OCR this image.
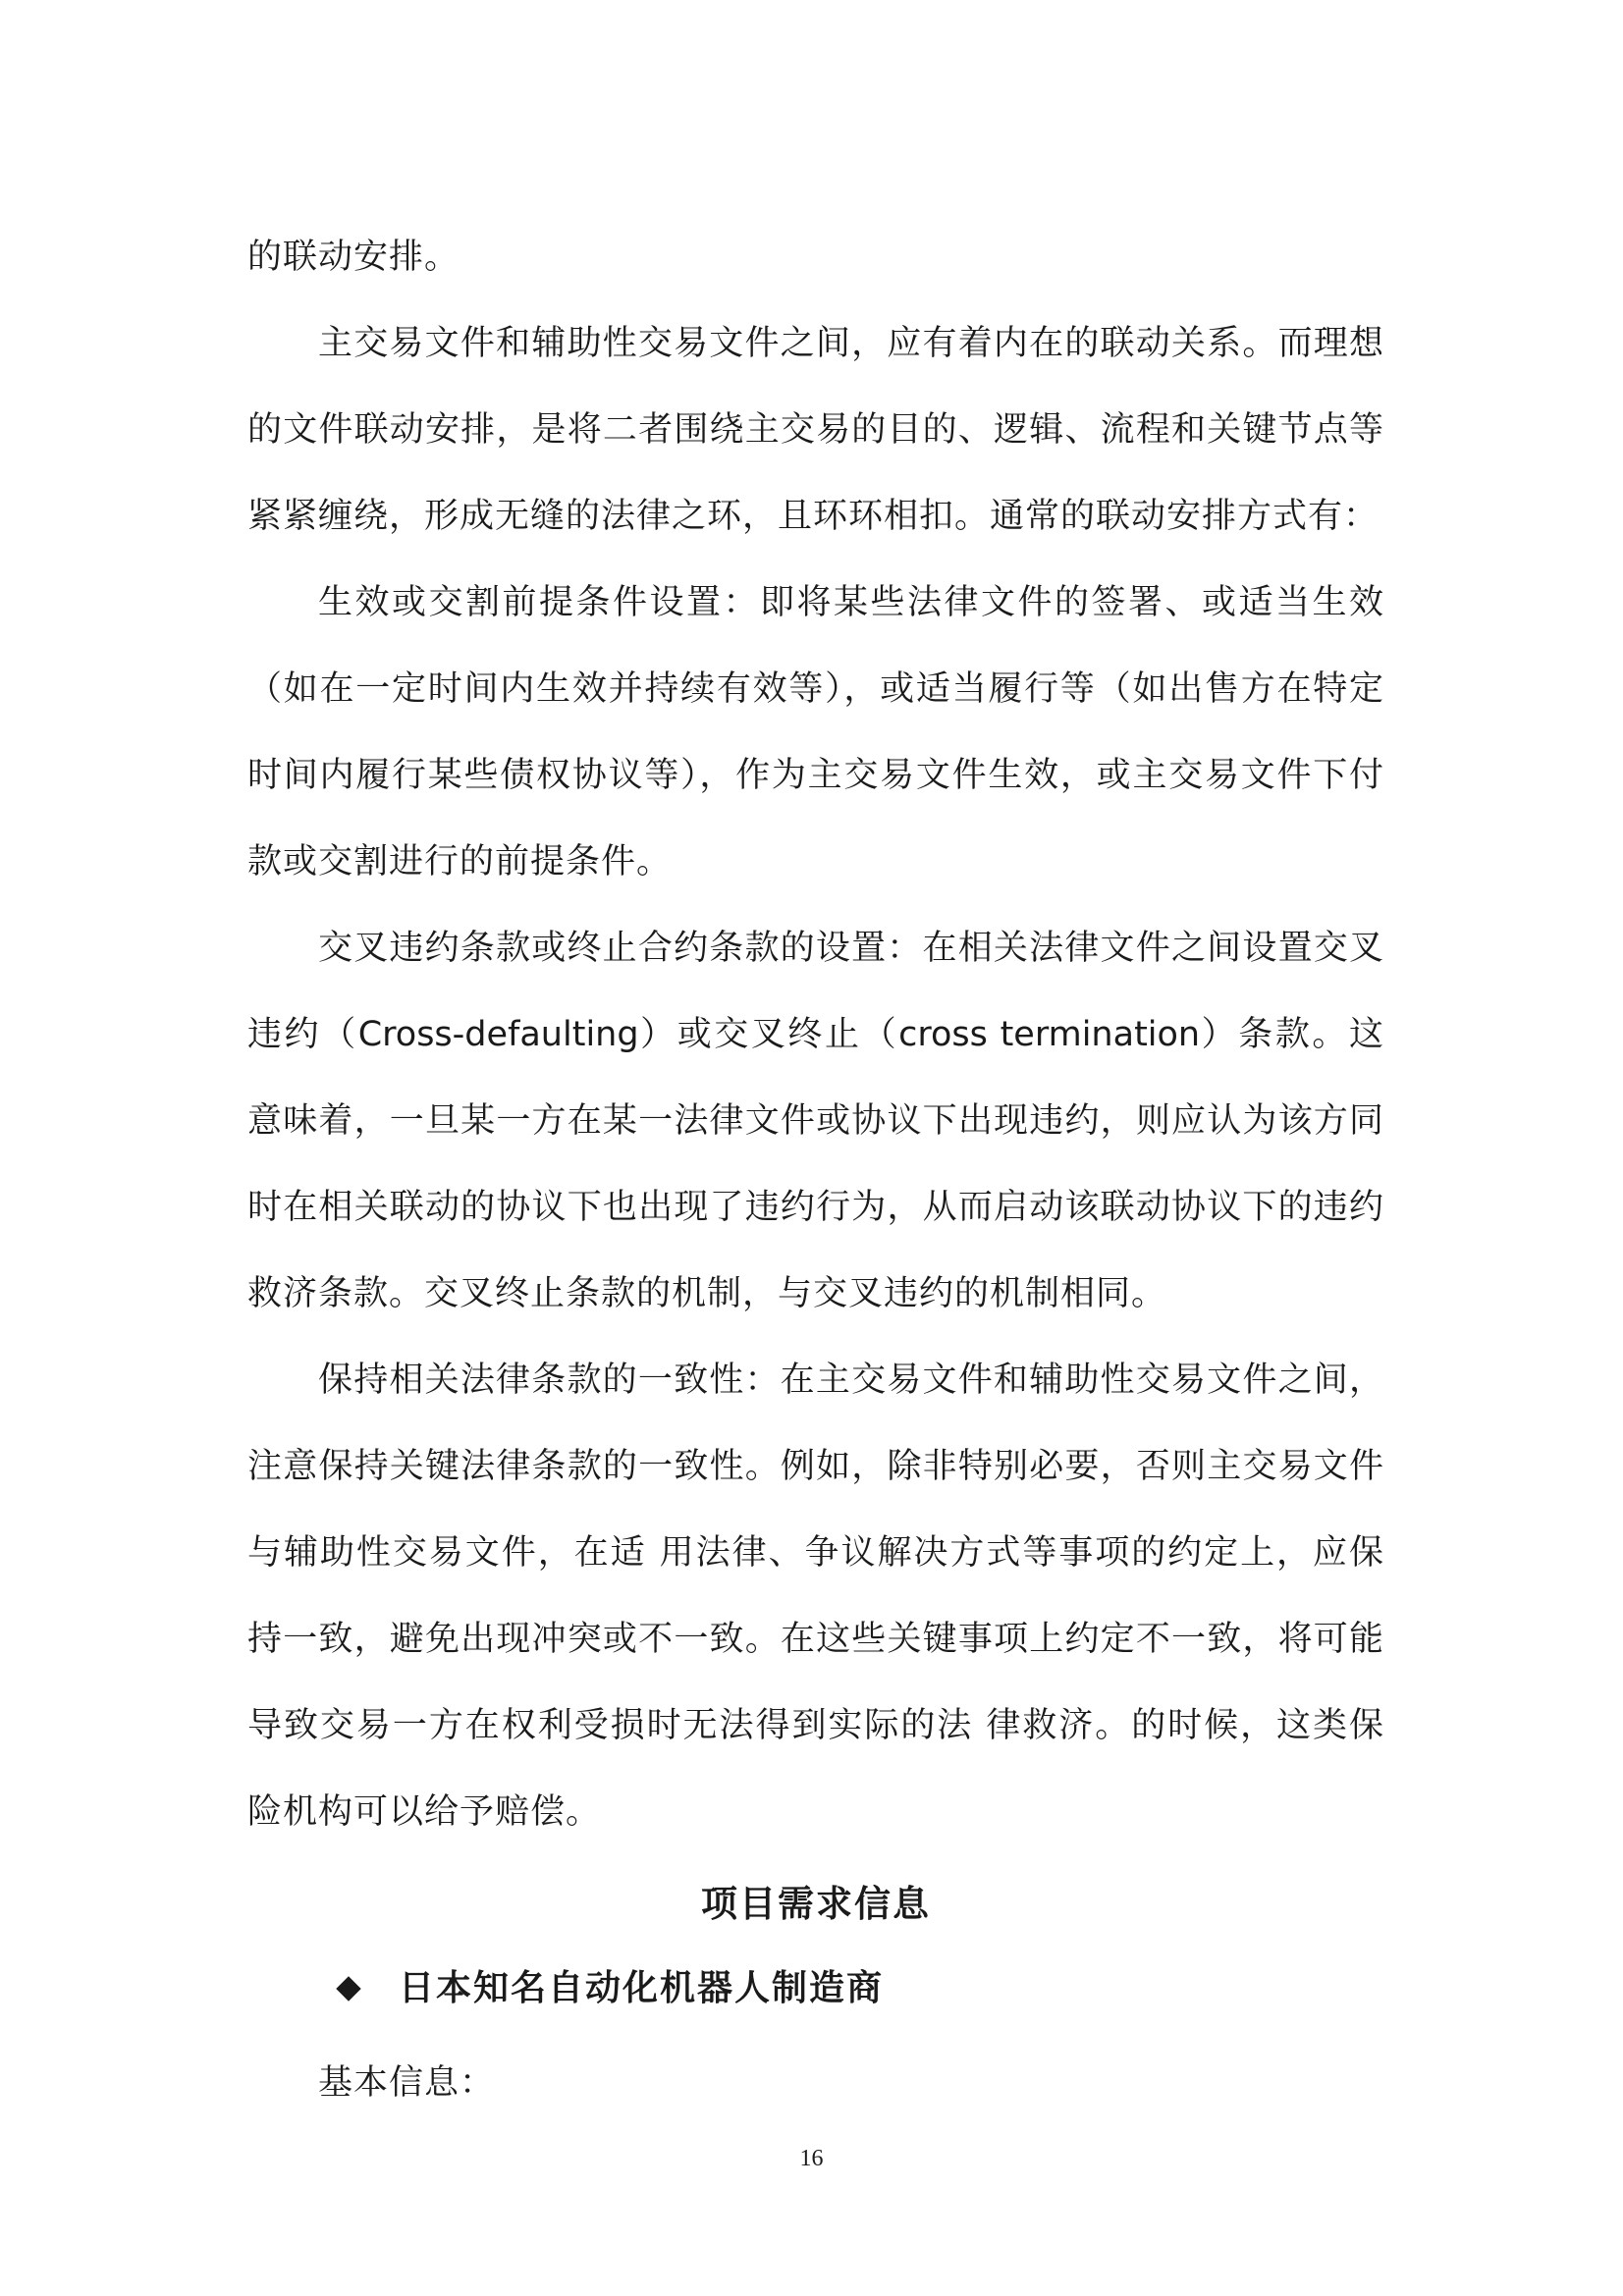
的联动安排。

主交易文件和辅助性交易文件之间，应有着内在的联动关系。而理想的文件联动安排，是将二者围绕主交易的目的、逻辑、流程和关键节点等紧紧缠绕，形成无缝的法律之环，且环环相扣。通常的联动安排方式有：

生效或交割前提条件设置：即将某些法律文件的签署、或适当生效（如在一定时间内生效并持续有效等），或适当履行等（如出售方在特定时间内履行某些债权协议等），作为主交易文件生效，或主交易文件下付款或交割进行的前提条件。

交叉违约条款或终止合约条款的设置：在相关法律文件之间设置交叉违约（Cross-defaulting）或交叉终止（cross termination）条款。这意味着，一旦某一方在某一法律文件或协议下出现违约，则应认为该方同时在相关联动的协议下也出现了违约行为，从而启动该联动协议下的违约救济条款。交叉终止条款的机制，与交叉违约的机制相同。

保持相关法律条款的一致性：在主交易文件和辅助性交易文件之间，注意保持关键法律条款的一致性。例如，除非特别必要，否则主交易文件与辅助性交易文件，在适 用法律、争议解决方式等事项的约定上，应保持一致，避免出现冲突或不一致。在这些关键事项上约定不一致，将可能导致交易一方在权利受损时无法得到实际的法 律救济。的时候，这类保险机构可以给予赔偿。

项目需求信息
日本知名自动化机器人制造商

基本信息：

16
